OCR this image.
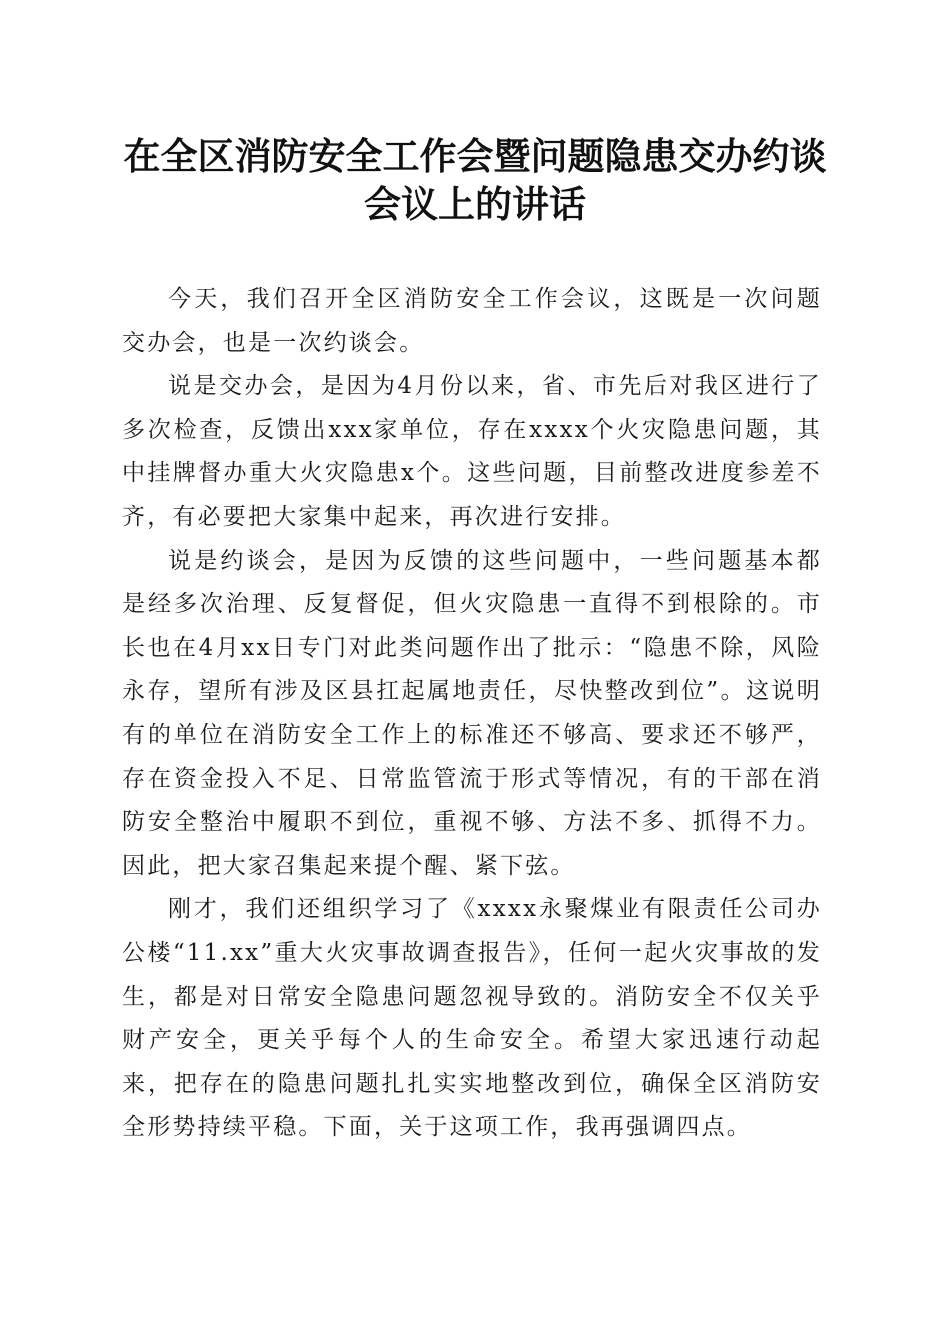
在全区消防安全工作会暨问题隐患交办约谈会议上的讲话

今天，我们召开全区消防安全工作会议，这既是一次问题交办会，也是一次约谈会。

说是交办会，是因为4月份以来，省、市先后对我区进行了多次检查，反馈出xxx家单位，存在xxxx个火灾隐患问题，其中挂牌督办重大火灾隐患x个。这些问题，目前整改进度参差不齐，有必要把大家集中起来，再次进行安排。

说是约谈会，是因为反馈的这些问题中，一些问题基本都是经多次治理、反复督促，但火灾隐患一直得不到根除的。市长也在4月xx日专门对此类问题作出了批示：“隐患不除，风险永存，望所有涉及区县扛起属地责任，尽快整改到位”。这说明有的单位在消防安全工作上的标准还不够高、要求还不够严，存在资金投入不足、日常监管流于形式等情况，有的干部在消防安全整治中履职不到位，重视不够、方法不多、抓得不力。因此，把大家召集起来提个醒、紧下弦。

刚才，我们还组织学习了《xxxx永聚煤业有限责任公司办公楼“11.xx”重大火灾事故调查报告》，任何一起火灾事故的发生，都是对日常安全隐患问题忽视导致的。消防安全不仅关乎财产安全，更关乎每个人的生命安全。希望大家迅速行动起来，把存在的隐患问题扎扎实实地整改到位，确保全区消防安全形势持续平稳。下面，关于这项工作，我再强调四点。
